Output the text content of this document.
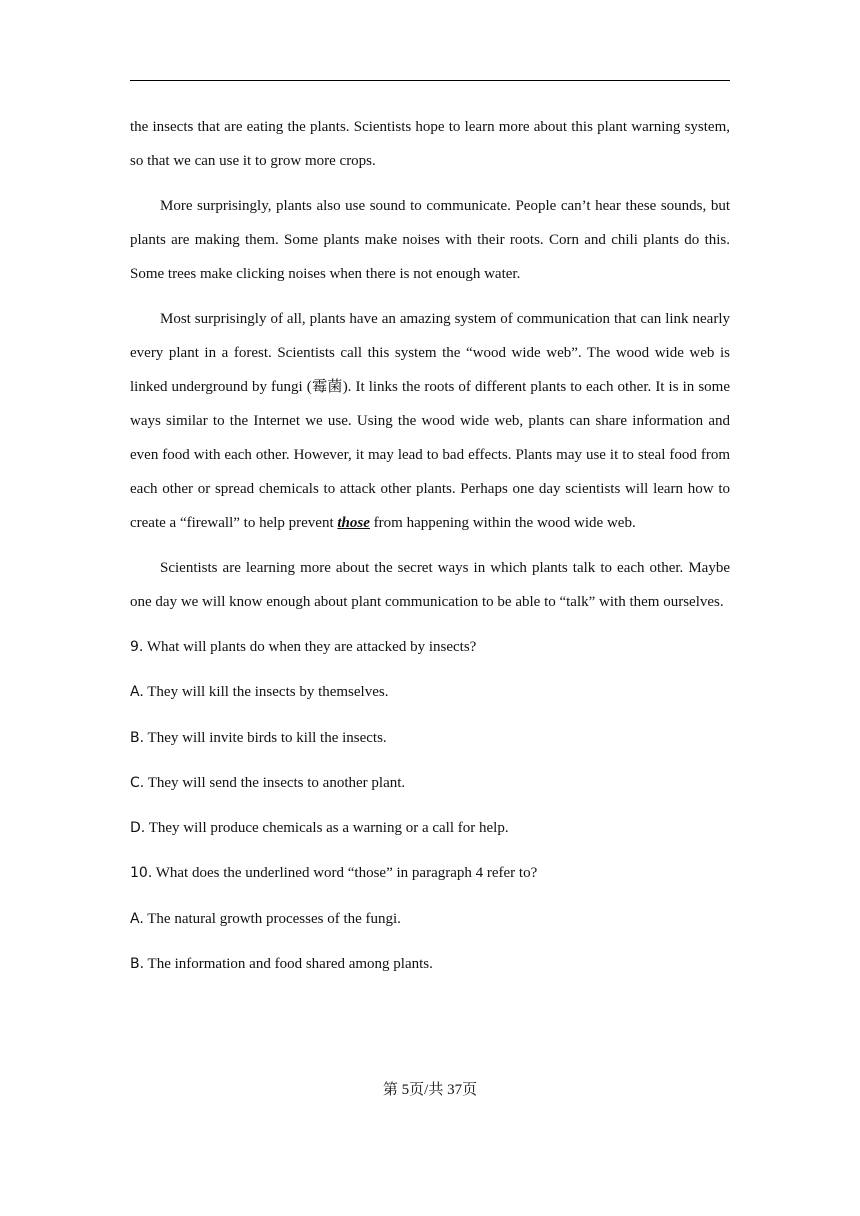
the insects that are eating the plants. Scientists hope to learn more about this plant warning system, so that we can use it to grow more crops.

More surprisingly, plants also use sound to communicate. People can’t hear these sounds, but plants are making them. Some plants make noises with their roots. Corn and chili plants do this. Some trees make clicking noises when there is not enough water.

Most surprisingly of all, plants have an amazing system of communication that can link nearly every plant in a forest. Scientists call this system the “wood wide web”. The wood wide web is linked underground by fungi (霉菌). It links the roots of different plants to each other. It is in some ways similar to the Internet we use. Using the wood wide web, plants can share information and even food with each other. However, it may lead to bad effects. Plants may use it to steal food from each other or spread chemicals to attack other plants. Perhaps one day scientists will learn how to create a “firewall” to help prevent those from happening within the wood wide web.

Scientists are learning more about the secret ways in which plants talk to each other. Maybe one day we will know enough about plant communication to be able to “talk” with them ourselves.

9. What will plants do when they are attacked by insects?

A. They will kill the insects by themselves.

B. They will invite birds to kill the insects.

C. They will send the insects to another plant.

D. They will produce chemicals as a warning or a call for help.

10. What does the underlined word “those” in paragraph 4 refer to?

A. The natural growth processes of the fungi.

B. The information and food shared among plants.

第 5页/共 37页
